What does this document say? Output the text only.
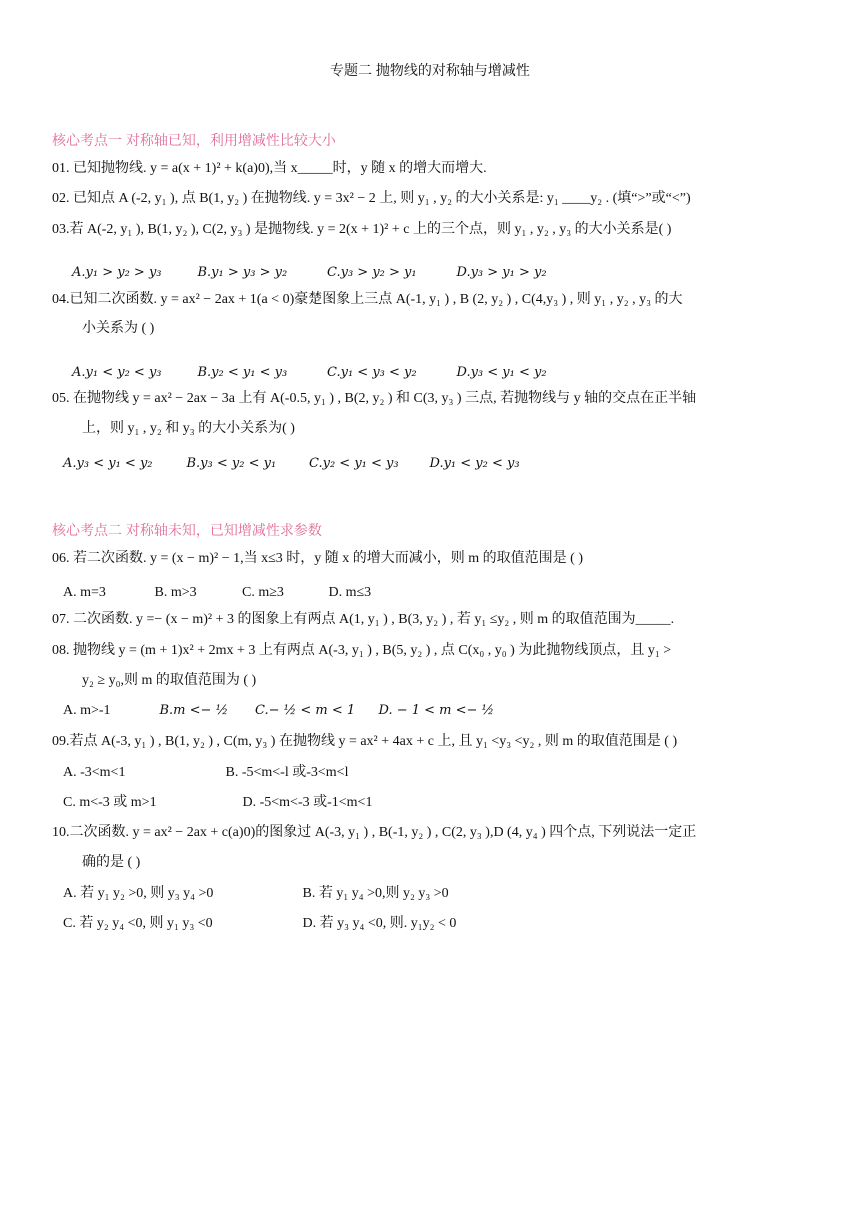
专题二 抛物线的对称轴与增减性
核心考点一 对称轴已知，利用增减性比较大小
01. 已知抛物线. y = a(x + 1)² + k(a)0),当 x_____时，y 随 x 的增大而增大.
02. 已知点 A (-2, y₁ ), 点 B(1, y₂ ) 在抛物线. y = 3x² − 2 上, 则 y₁ , y₂ 的大小关系是: y₁ ____y₂ . (填“>”或“<”)
03.若 A(-2, y₁ ), B(1, y₂ ), C(2, y₃ ) 是抛物线. y = 2(x + 1)² + c 上的三个点，则 y₁ , y₂ , y₃ 的大小关系是( )
A.y₁ > y₂ > y₃	B.y₁ > y₃ > y₂	C.y₃ > y₂ > y₁	D.y₃ > y₁ > y₂
04.已知二次函数. y = ax² − 2ax + 1(a < 0)豪楚图象上三点 A(-1, y₁ ) , B (2, y₂ ) , C(4,y₃ ) , 则 y₁ , y₂ , y₃ 的大
小关系为 ( )
A.y₁ < y₂ < y₃	B.y₂ < y₁ < y₃	C.y₁ < y₃ < y₂	D.y₃ < y₁ < y₂
05. 在抛物线 y = ax² − 2ax − 3a 上有 A(-0.5, y₁ ) , B(2, y₂ ) 和 C(3, y₃ ) 三点, 若抛物线与 y 轴的交点在正半轴
上，则 y₁ , y₂ 和 y₃ 的大小关系为( )
A.y₃ < y₁ < y₂	B.y₃ < y₂ < y₁	C.y₂ < y₁ < y₃ D.y₁ < y₂ < y₃
核心考点二 对称轴未知，已知增减性求参数
06. 若二次函数. y = (x − m)² − 1,当 x≤3 时，y 随 x 的增大而减小，则 m 的取值范围是 ( )
A. m=3	B. m>3	C. m≥3	D. m≤3
07. 二次函数. y =− (x − m)² + 3 的图象上有两点 A(1, y₁ ) , B(3, y₂ ) , 若 y₁ ≤y₂ , 则 m 的取值范围为_____.
08. 抛物线 y = (m + 1)x² + 2mx + 3 上有两点 A(-3, y₁ ) , B(5, y₂ ) , 点 C(x₀ , y₀ ) 为此抛物线顶点，且 y₁ >
y₂ ≥ y₀,则 m 的取值范围为 ( )
A. m>-1	B.m <− ½ C.− ½ < m < 1 D. − 1 < m <− ½
09.若点 A(-3, y₁ ) , B(1, y₂ ) , C(m, y₃ ) 在抛物线 y = ax² + 4ax + c 上, 且 y₁ <y₃ <y₂ , 则 m 的取值范围是 ( )
A. -3<m<1	B. -5<m<-l 或-3<m<l
C. m<-3 或 m>1	D. -5<m<-3 或-1<m<1
10.二次函数. y = ax² − 2ax + c(a)0)的图象过 A(-3, y₁ ) , B(-1, y₂ ) , C(2, y₃ ),D (4, y₄ ) 四个点, 下列说法一定正
确的是 ( )
A. 若 y₁ y₂ >0, 则 y₃ y₄ >0	B. 若 y₁ y₄ >0,则 y₂ y₃ >0
C. 若 y₂ y₄ <0, 则 y₁ y₃ <0	D. 若 y₃ y₄ <0, 则. y₁y₂ < 0
